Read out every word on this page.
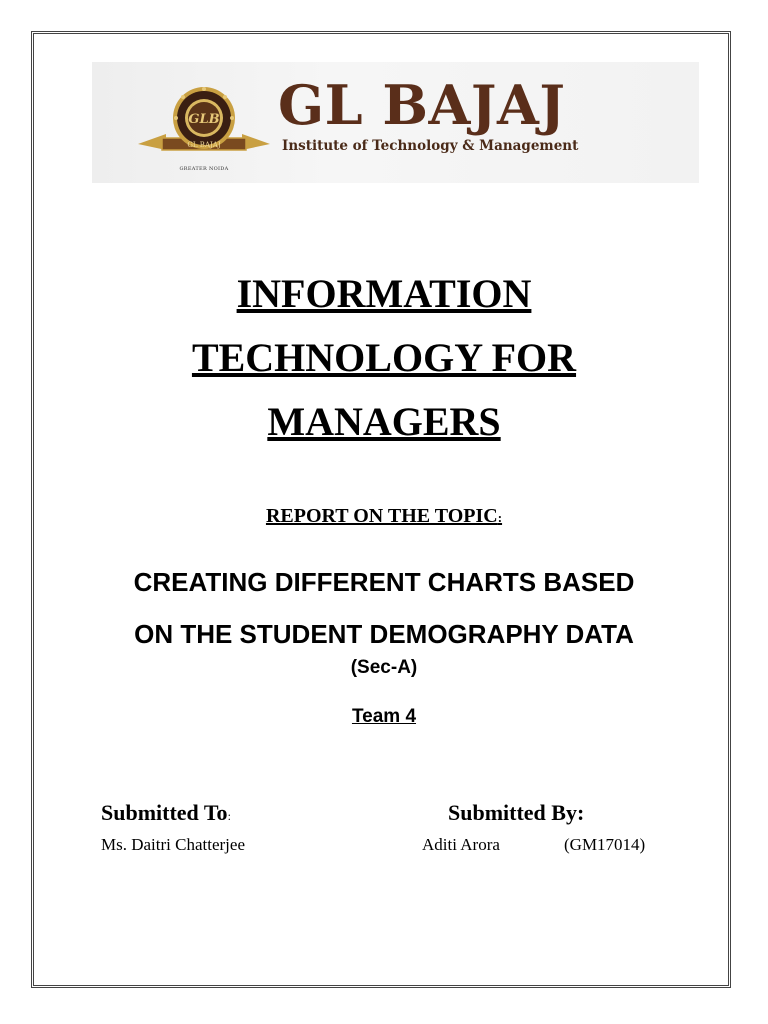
GLB
GL BAJAJ
GREATER NOIDA
GL BAJAJ
Institute of Technology & Management
INFORMATION
TECHNOLOGY FOR
MANAGERS
REPORT ON THE TOPIC:
CREATING DIFFERENT CHARTS BASED
ON THE STUDENT DEMOGRAPHY DATA
(Sec-A)
Team 4
Submitted To:	Submitted By:
Ms. Daitri Chatterjee	Aditi Arora	(GM17014)
